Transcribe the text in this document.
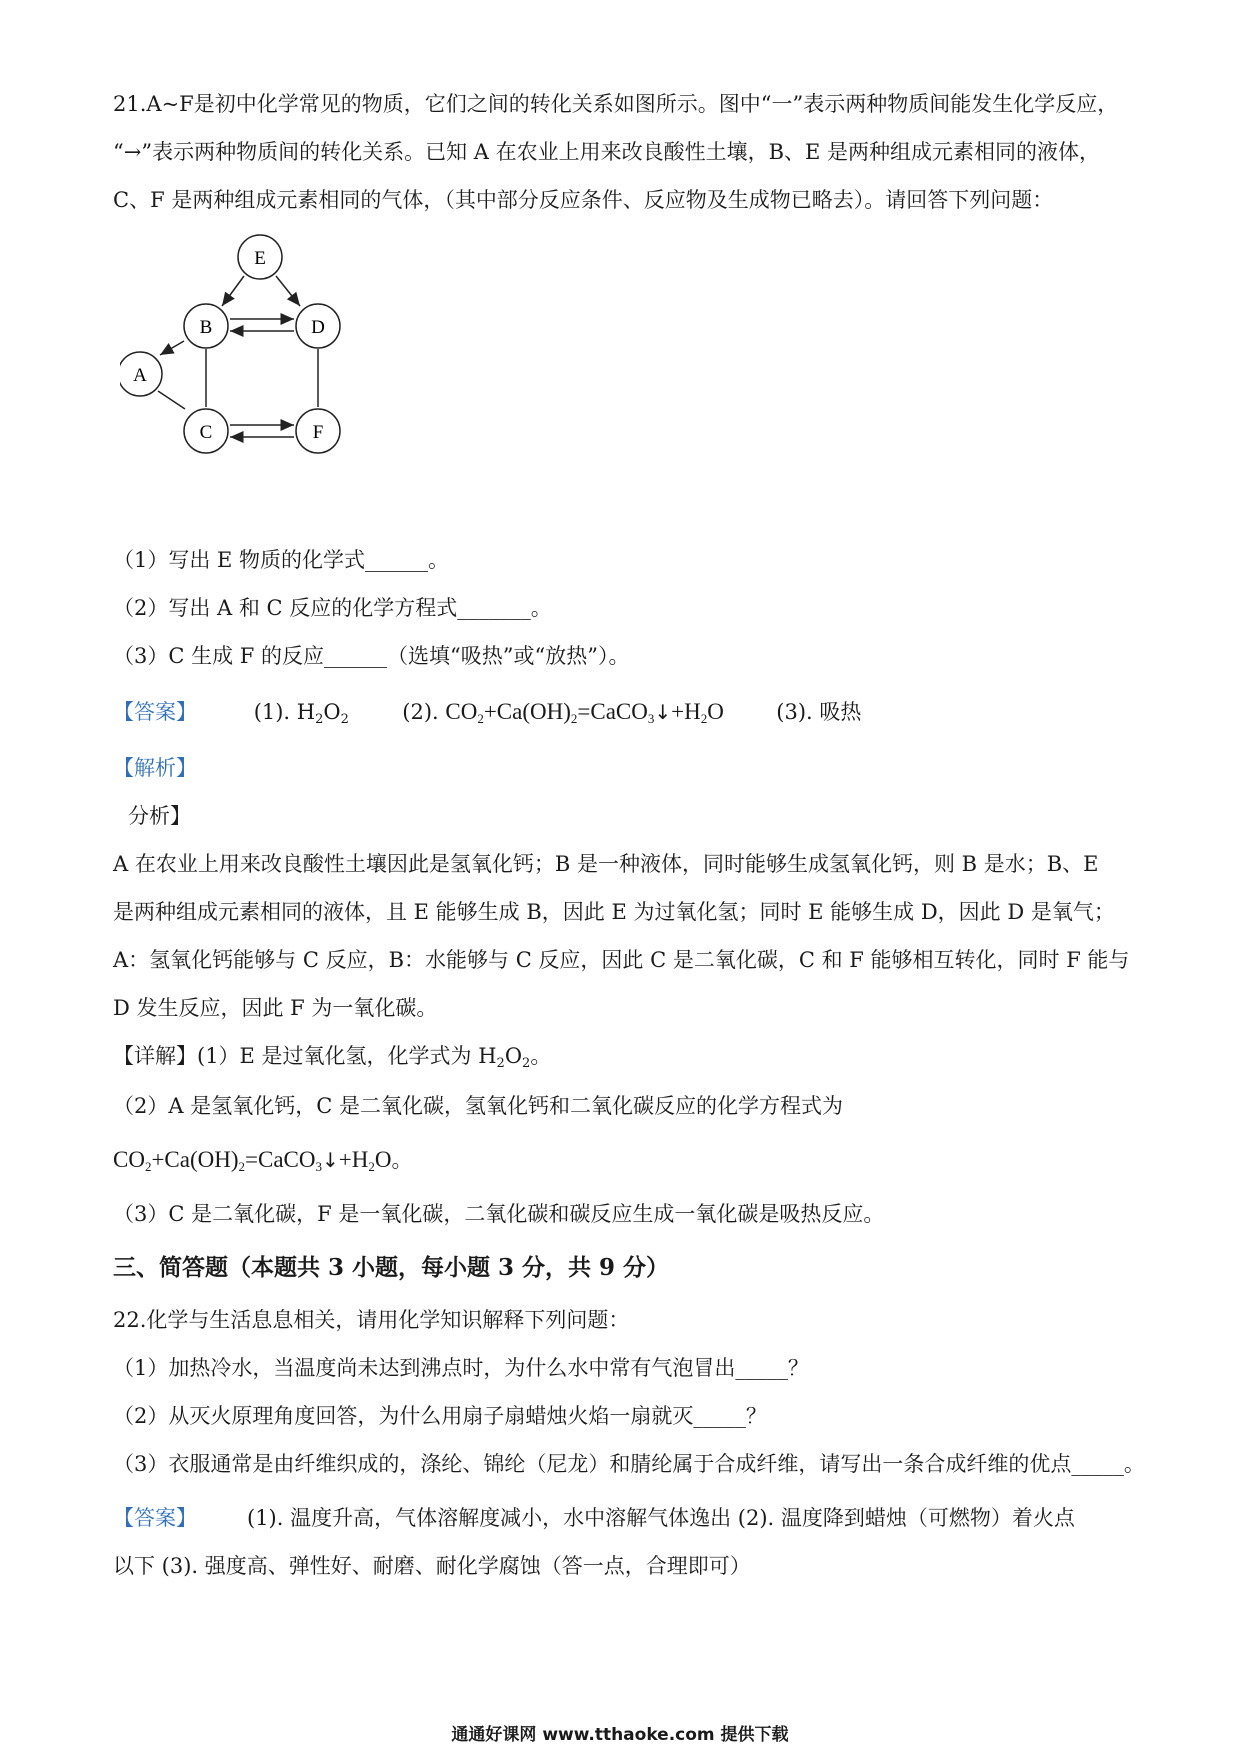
21.A~F是初中化学常见的物质，它们之间的转化关系如图所示。图中“一”表示两种物质间能发生化学反应，
“→”表示两种物质间的转化关系。已知 A 在农业上用来改良酸性土壤，B、E 是两种组成元素相同的液体，
C、F 是两种组成元素相同的气体，（其中部分反应条件、反应物及生成物已略去）。请回答下列问题：
E
B	D
A
C	F
（1）写出 E 物质的化学式______。
（2）写出 A 和 C 反应的化学方程式_______。
（3）C 生成 F 的反应______（选填“吸热”或“放热”）。
【答案】	(1). $H_2O_2$	(2). $CO_2+Ca(OH)_2=CaCO_3↓+H_2O$ (3). 吸热
【解析】
分析】
A 在农业上用来改良酸性土壤因此是氢氧化钙；B 是一种液体，同时能够生成氢氧化钙，则 B 是水；B、E
是两种组成元素相同的液体，且 E 能够生成 B，因此 E 为过氧化氢；同时 E 能够生成 D，因此 D 是氧气；
A：氢氧化钙能够与 C 反应，B：水能够与 C 反应，因此 C 是二氧化碳，C 和 F 能够相互转化，同时 F 能与
D 发生反应，因此 F 为一氧化碳。
【详解】(1）E 是过氧化氢，化学式为 $H_2O_2$。
（2）A 是氢氧化钙，C 是二氧化碳，氢氧化钙和二氧化碳反应的化学方程式为
$CO_2+Ca(OH)_2=CaCO_3↓+H_2O$。
（3）C 是二氧化碳，F 是一氧化碳，二氧化碳和碳反应生成一氧化碳是吸热反应。
三、简答题（本题共 3 小题，每小题 3 分，共 9 分）
22.化学与生活息息相关，请用化学知识解释下列问题：
（1）加热冷水，当温度尚未达到沸点时，为什么水中常有气泡冒出_____？
（2）从灭火原理角度回答，为什么用扇子扇蜡烛火焰一扇就灭_____？
（3）衣服通常是由纤维织成的，涤纶、锦纶（尼龙）和腈纶属于合成纤维，请写出一条合成纤维的优点_____。
【答案】 (1). 温度升高，气体溶解度减小，水中溶解气体逸出 (2). 温度降到蜡烛（可燃物）着火点
以下 (3). 强度高、弹性好、耐磨、耐化学腐蚀（答一点，合理即可）
通通好课网 www.tthaoke.com 提供下载
